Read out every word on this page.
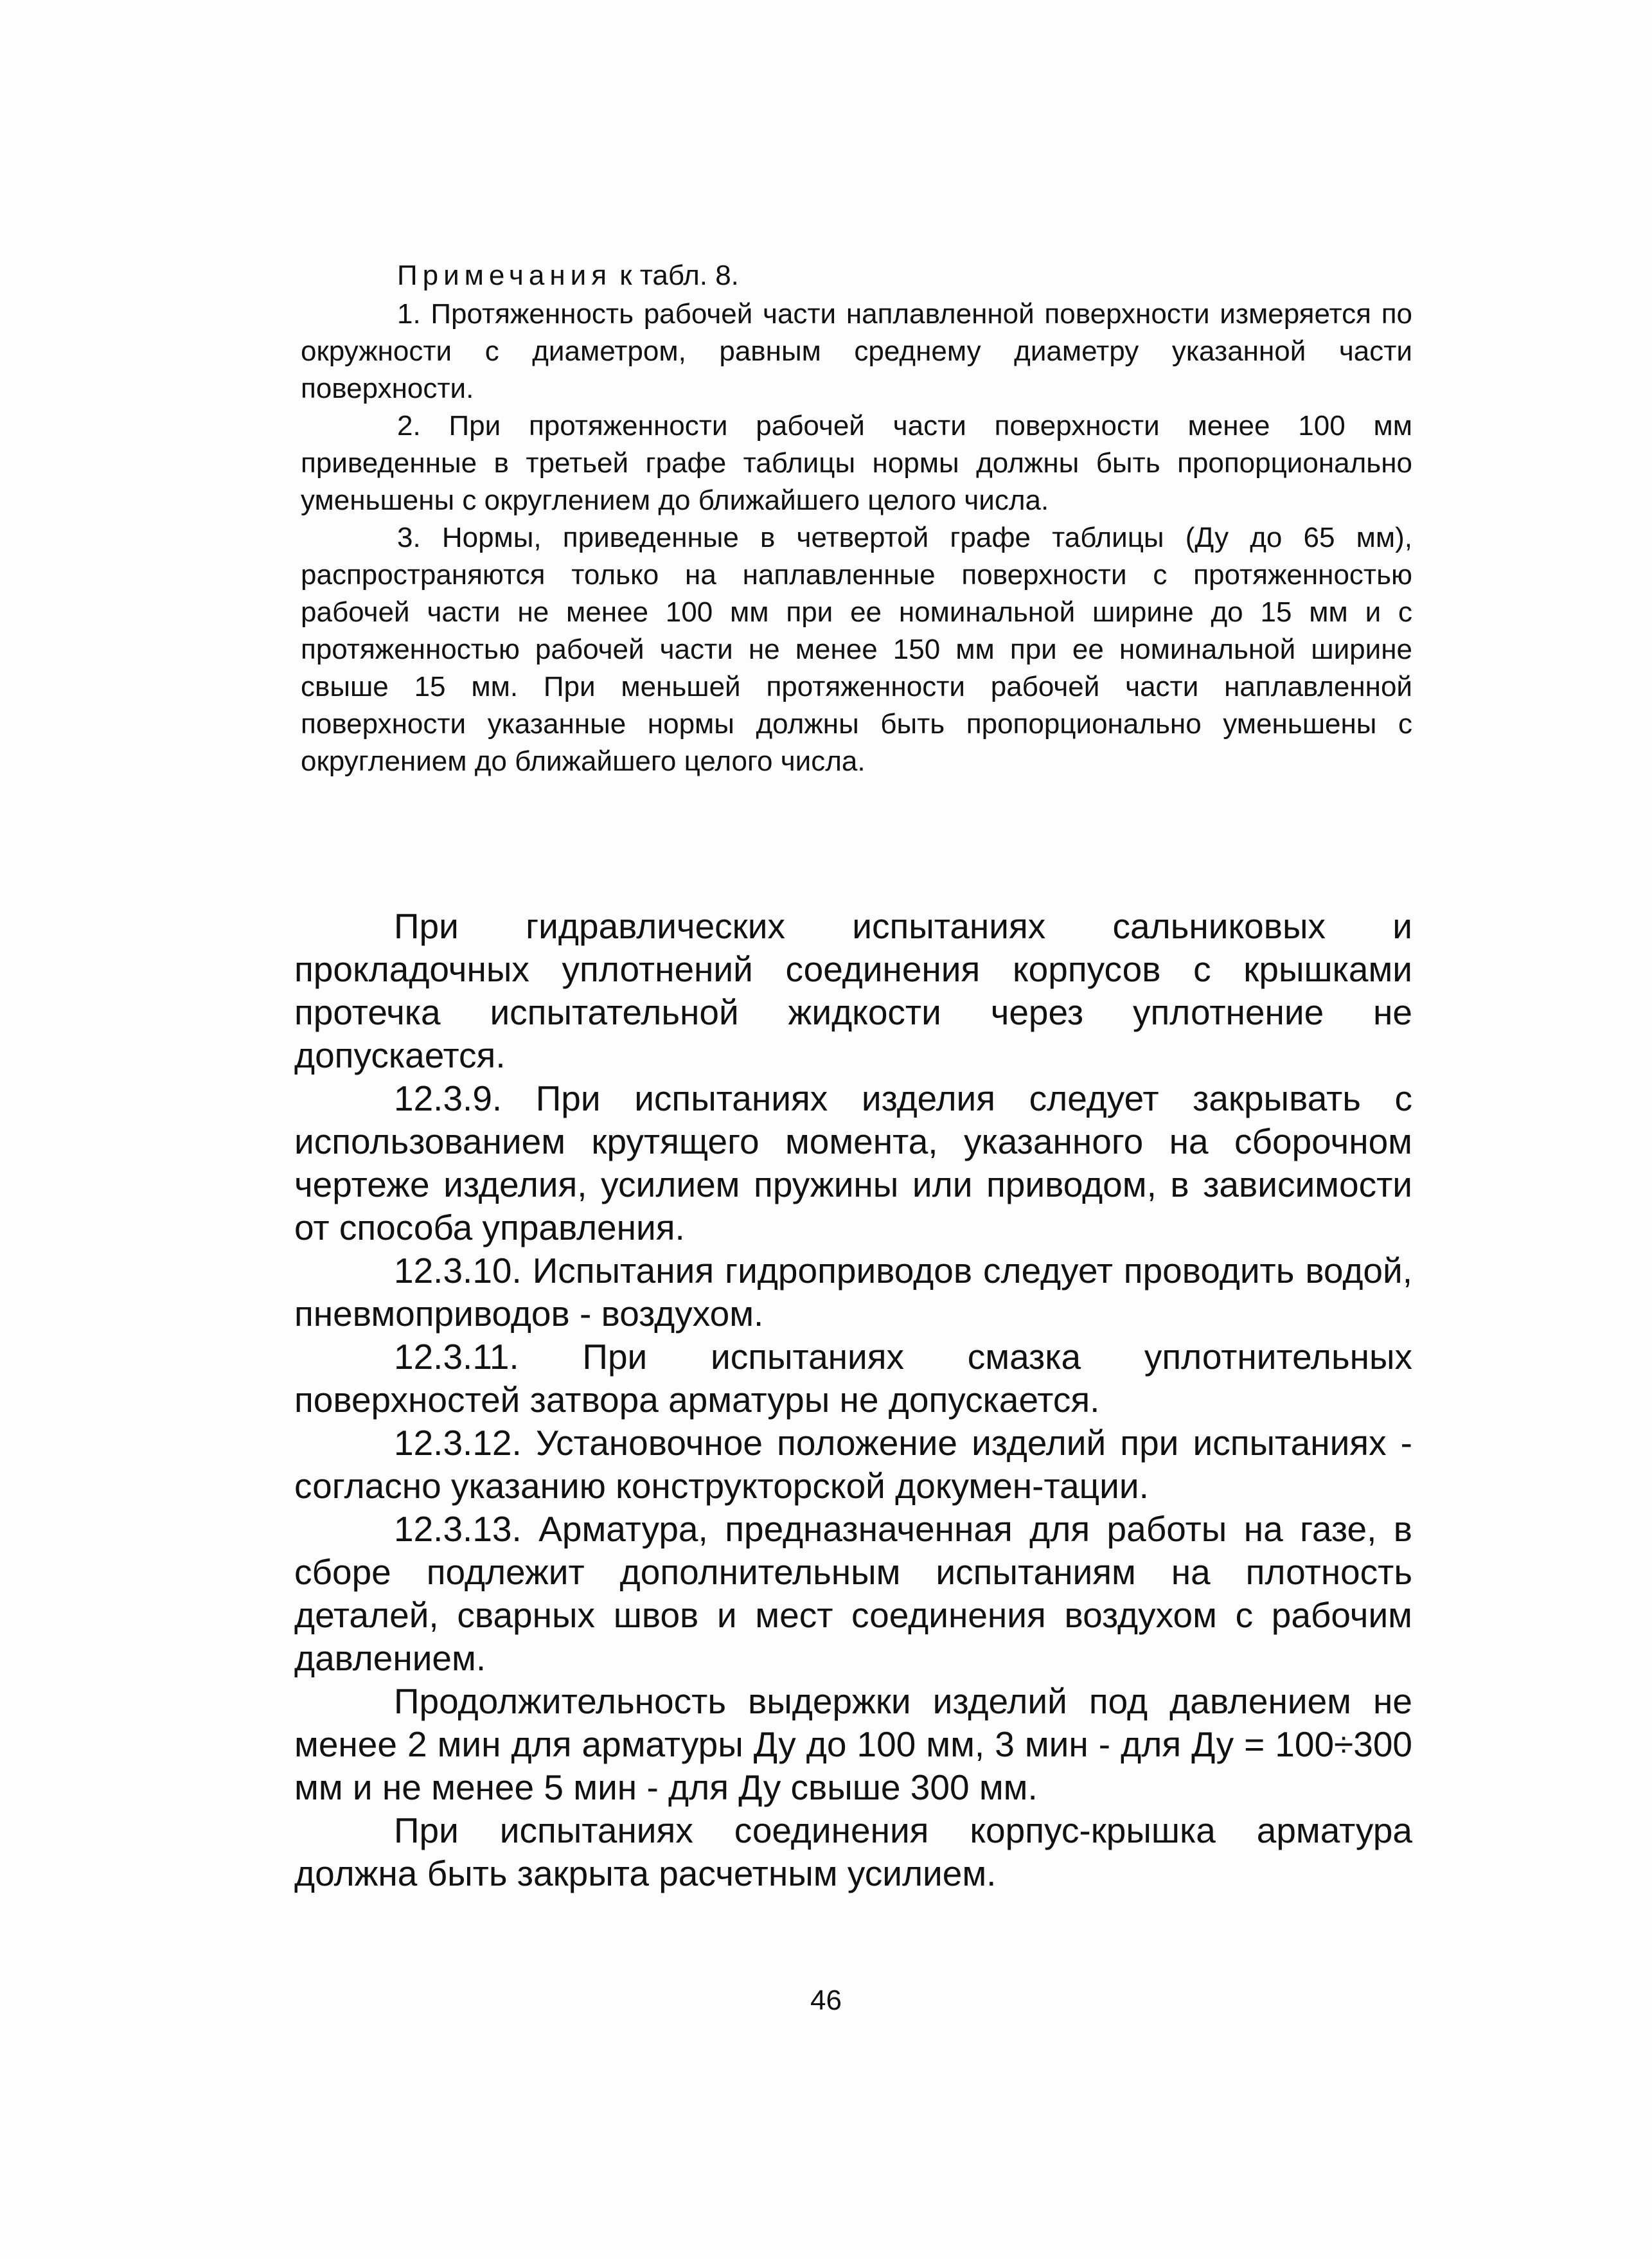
Примечания к табл. 8.

1. Протяженность рабочей части наплавленной поверхности измеряется по окружности с диаметром, равным среднему диаметру указанной части поверхности.

2. При протяженности рабочей части поверхности менее 100 мм приведенные в третьей графе таблицы нормы должны быть пропорционально уменьшены с округлением до ближайшего целого числа.

3. Нормы, приведенные в четвертой графе таблицы (Ду до 65 мм), распространяются только на наплавленные поверхности с протяженностью рабочей части не менее 100 мм при ее номинальной ширине до 15 мм и с протяженностью рабочей части не менее 150 мм при ее номинальной ширине свыше 15 мм. При меньшей протяженности рабочей части наплавленной поверхности указанные нормы должны быть пропорционально уменьшены с округлением до ближайшего целого числа.

При гидравлических испытаниях сальниковых и прокладочных уплотнений соединения корпусов с крышками протечка испытательной жидкости через уплотнение не допускается.

12.3.9. При испытаниях изделия следует закрывать с использованием крутящего момента, указанного на сборочном чертеже изделия, усилием пружины или приводом, в зависимости от способа управления.

12.3.10. Испытания гидроприводов следует проводить водой, пневмоприводов - воздухом.

12.3.11. При испытаниях смазка уплотнительных поверхностей затвора арматуры не допускается.

12.3.12. Установочное положение изделий при испытаниях - согласно указанию конструкторской докумен-тации.

12.3.13. Арматура, предназначенная для работы на газе, в сборе подлежит дополнительным испытаниям на плотность деталей, сварных швов и мест соединения воздухом с рабочим давлением.

Продолжительность выдержки изделий под давлением не менее 2 мин для арматуры Ду до 100 мм, 3 мин - для Ду = 100÷300 мм и не менее 5 мин - для Ду свыше 300 мм.

При испытаниях соединения корпус-крышка арматура должна быть закрыта расчетным усилием.

46
